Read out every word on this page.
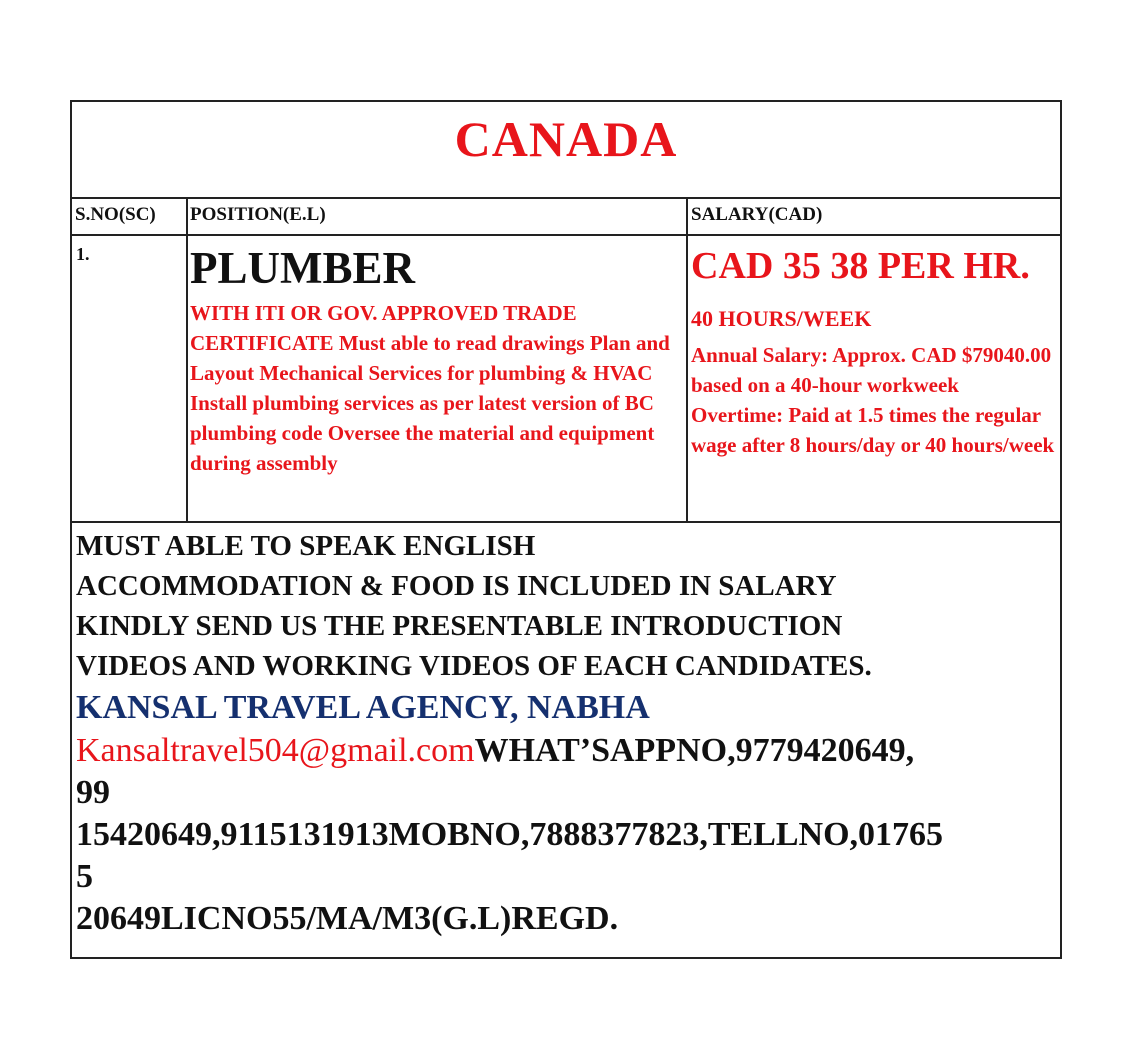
CANADA
S.NO(SC) POSITION(E.L)	SALARY(CAD)
1. PLUMBER
WITH ITI OR GOV. APPROVED TRADE CERTIFICATE Must able to read drawings Plan and Layout Mechanical Services for plumbing & HVAC Install plumbing services as per latest version of BC plumbing code Oversee the material and equipment during assembly
CAD 35 38 PER HR. 40 HOURS/WEEK
Annual Salary: Approx. CAD $79040.00 based on a 40-hour workweek
Overtime: Paid at 1.5 times the regular wage after 8 hours/day or 40 hours/week
MUST ABLE TO SPEAK ENGLISH
ACCOMMODATION & FOOD IS INCLUDED IN SALARY
KINDLY SEND US THE PRESENTABLE INTRODUCTION
VIDEOS AND WORKING VIDEOS OF EACH CANDIDATES.
KANSAL TRAVEL AGENCY, NABHA
Kansaltravel504@gmail.comWHAT’SAPPNO,9779420649,
99
15420649,9115131913MOBNO,7888377823,TELLNO,01765
5
20649LICNO55/MA/M3(G.L)REGD.
